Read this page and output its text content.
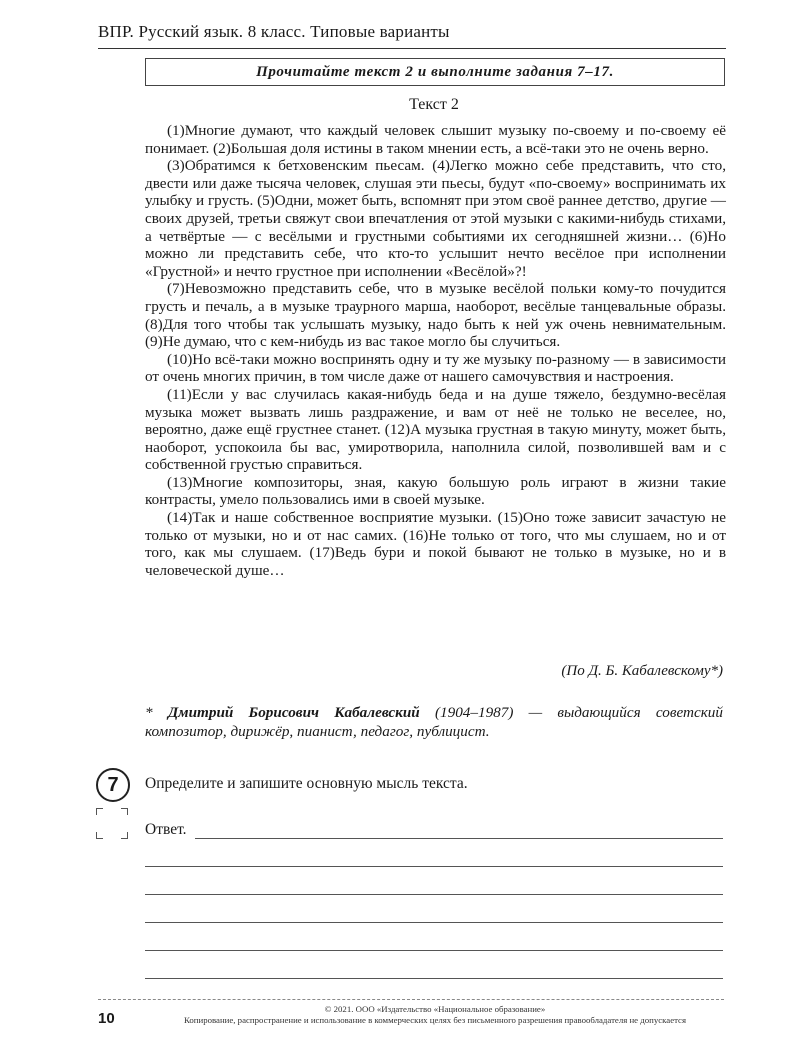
ВПР. Русский язык. 8 класс. Типовые варианты
Прочитайте текст 2 и выполните задания 7–17.
Текст 2

(1)Многие думают, что каждый человек слышит музыку по-своему и по-своему её понимает. (2)Большая доля истины в таком мнении есть, а всё-таки это не очень верно.

(3)Обратимся к бетховенским пьесам. (4)Легко можно себе представить, что сто, двести или даже тысяча человек, слушая эти пьесы, будут «по-своему» воспринимать их улыбку и грусть. (5)Одни, может быть, вспомнят при этом своё раннее детство, другие — своих друзей, третьи свяжут свои впечатления от этой музыки с какими-нибудь стихами, а четвёртые — с весёлыми и грустными событиями их сегодняшней жизни… (6)Но можно ли представить себе, что кто-то услышит нечто весёлое при исполнении «Грустной» и нечто грустное при исполнении «Весёлой»?!

(7)Невозможно представить себе, что в музыке весёлой польки кому-то почудится грусть и печаль, а в музыке траурного марша, наоборот, весёлые танцевальные образы. (8)Для того чтобы так услышать музыку, надо быть к ней уж очень невнимательным. (9)Не думаю, что с кем-нибудь из вас такое могло бы случиться.

(10)Но всё-таки можно воспринять одну и ту же музыку по-разному — в зависимости от очень многих причин, в том числе даже от нашего самочувствия и настроения.

(11)Если у вас случилась какая-нибудь беда и на душе тяжело, бездумно-весёлая музыка может вызвать лишь раздражение, и вам от неё не только не веселее, но, вероятно, даже ещё грустнее станет. (12)А музыка грустная в такую минуту, может быть, наоборот, успокоила бы вас, умиротворила, наполнила силой, позволившей вам и с собственной грустью справиться.

(13)Многие композиторы, зная, какую большую роль играют в жизни такие контрасты, умело пользовались ими в своей музыке.

(14)Так и наше собственное восприятие музыки. (15)Оно тоже зависит зачастую не только от музыки, но и от нас самих. (16)Не только от того, что мы слушаем, но и от того, как мы слушаем. (17)Ведь бури и покой бывают не только в музыке, но и в человеческой душе…

(По Д. Б. Кабалевскому*)
* Дмитрий Борисович Кабалевский (1904–1987) — выдающийся советский композитор, дирижёр, пианист, педагог, публицист.
7	Определите и запишите основную мысль текста.
Ответ.
10
© 2021. ООО «Издательство «Национальное образование»
Копирование, распространение и использование в коммерческих целях без письменного разрешения правообладателя не допускается
